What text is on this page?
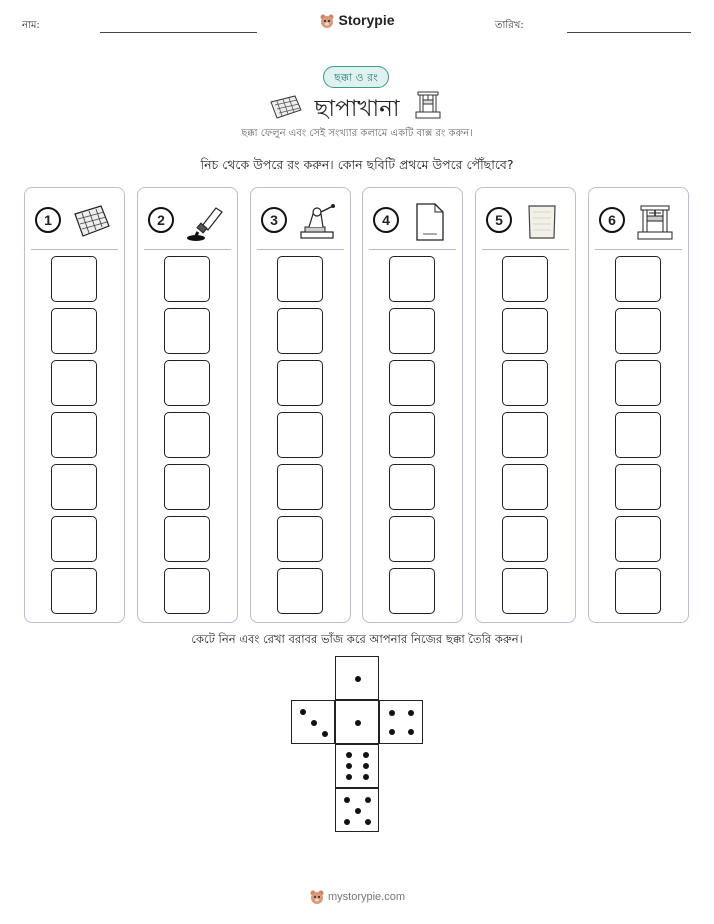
নাম:	Storypie	তারিখ:
ছক্কা ও রং
ছাপাখানা
ছক্কা ফেলুন এবং সেই সংখ্যার কলামে একটি বাক্স রং করুন।
নিচ থেকে উপরে রং করুন। কোন ছবিটি প্রথমে উপরে পৌঁছাবে?
1	2	3	4	5	6
কেটে নিন এবং রেখা বরাবর ভাঁজ করে আপনার নিজের ছক্কা তৈরি করুন।
mystorypie.com
